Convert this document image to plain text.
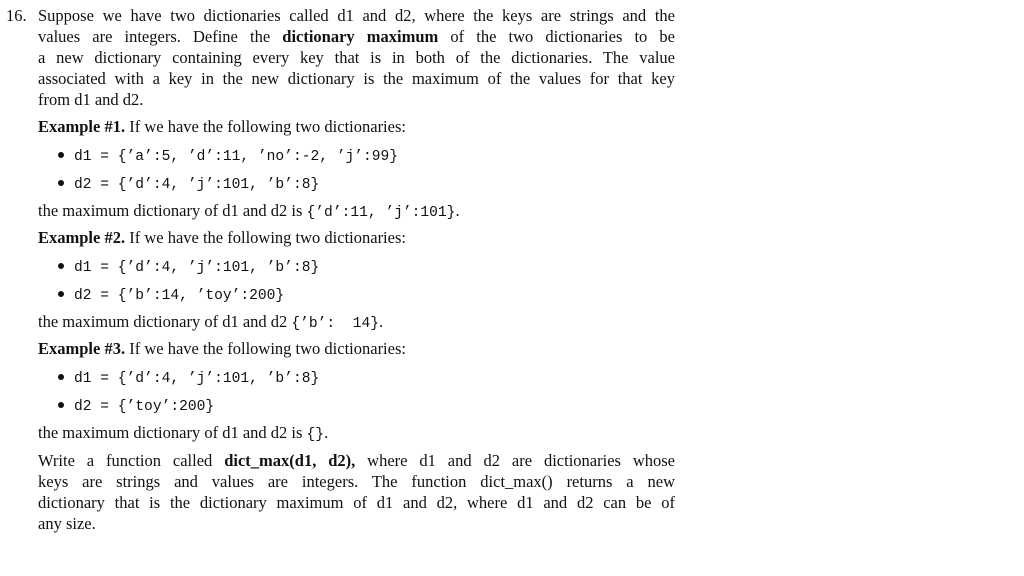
16. Suppose we have two dictionaries called d1 and d2, where the keys are strings and the
values are integers. Define the dictionary maximum of the two dictionaries to be
a new dictionary containing every key that is in both of the dictionaries. The value
associated with a key in the new dictionary is the maximum of the values for that key
from d1 and d2.
Example #1. If we have the following two dictionaries:
d1 = {’a’:5, ’d’:11, ’no’:-2, ’j’:99}
d2 = {’d’:4, ’j’:101, ’b’:8}
the maximum dictionary of d1 and d2 is {’d’:11, ’j’:101}.
Example #2. If we have the following two dictionaries:
d1 = {’d’:4, ’j’:101, ’b’:8}
d2 = {’b’:14, ’toy’:200}
the maximum dictionary of d1 and d2 {’b’:  14}.
Example #3. If we have the following two dictionaries:
d1 = {’d’:4, ’j’:101, ’b’:8}
d2 = {’toy’:200}
the maximum dictionary of d1 and d2 is {}.
Write a function called dict_max(d1, d2), where d1 and d2 are dictionaries whose
keys are strings and values are integers. The function dict_max() returns a new
dictionary that is the dictionary maximum of d1 and d2, where d1 and d2 can be of
any size.
